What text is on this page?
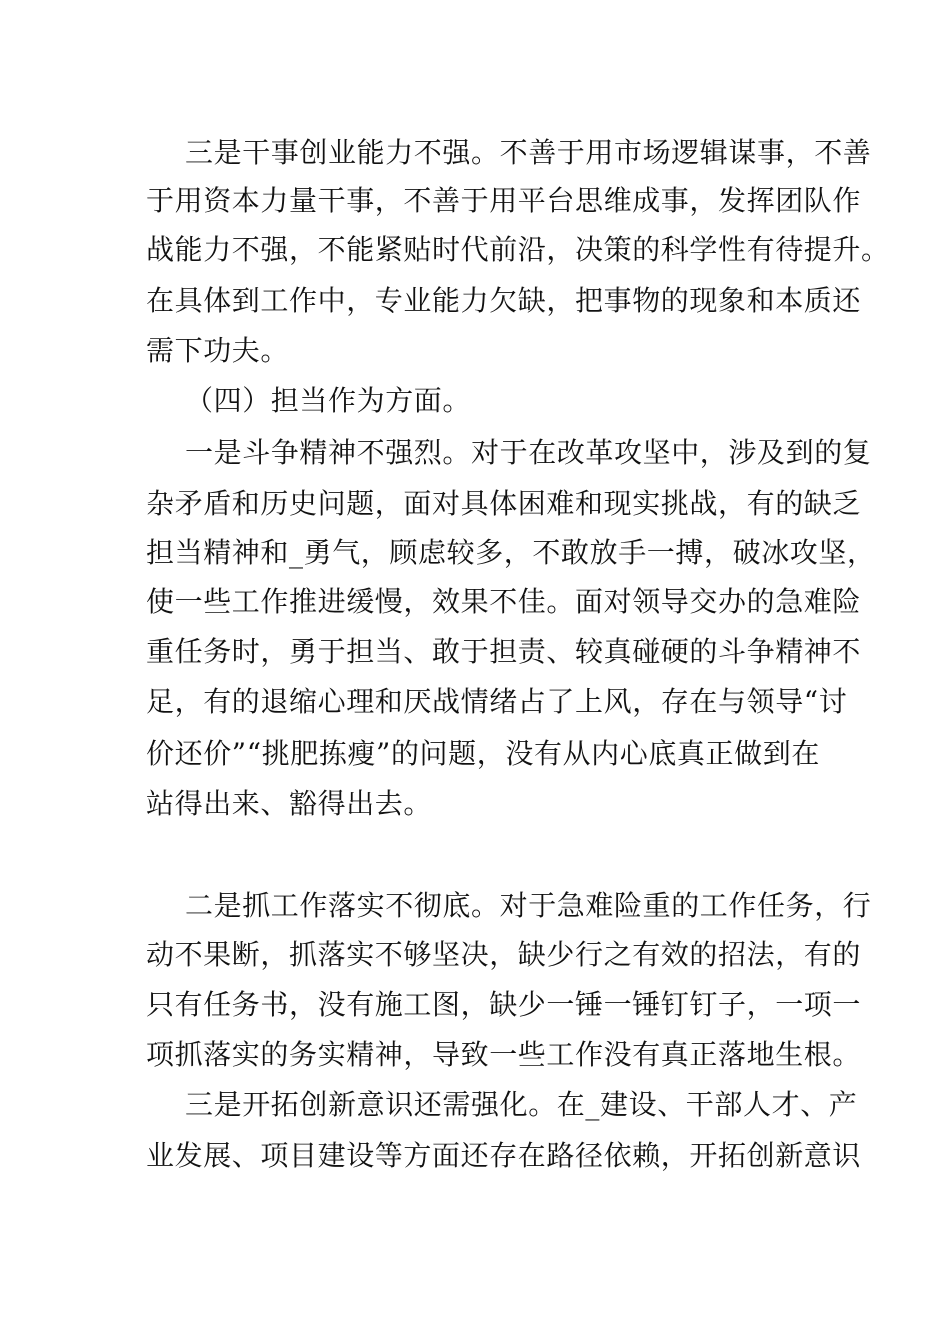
三是干事创业能力不强。不善于用市场逻辑谋事，不善
于用资本力量干事，不善于用平台思维成事，发挥团队作
战能力不强，不能紧贴时代前沿，决策的科学性有待提升。
在具体到工作中，专业能力欠缺，把事物的现象和本质还
需下功夫。
（四）担当作为方面。
一是斗争精神不强烈。对于在改革攻坚中，涉及到的复
杂矛盾和历史问题，面对具体困难和现实挑战，有的缺乏
担当精神和_勇气，顾虑较多，不敢放手一搏，破冰攻坚，
使一些工作推进缓慢，效果不佳。面对领导交办的急难险
重任务时，勇于担当、敢于担责、较真碰硬的斗争精神不
足，有的退缩心理和厌战情绪占了上风，存在与领导“讨
价还价”“挑肥拣瘦”的问题，没有从内心底真正做到在
站得出来、豁得出去。
二是抓工作落实不彻底。对于急难险重的工作任务，行
动不果断，抓落实不够坚决，缺少行之有效的招法，有的
只有任务书，没有施工图，缺少一锤一锤钉钉子，一项一
项抓落实的务实精神，导致一些工作没有真正落地生根。
三是开拓创新意识还需强化。在_建设、干部人才、产
业发展、项目建设等方面还存在路径依赖，开拓创新意识
